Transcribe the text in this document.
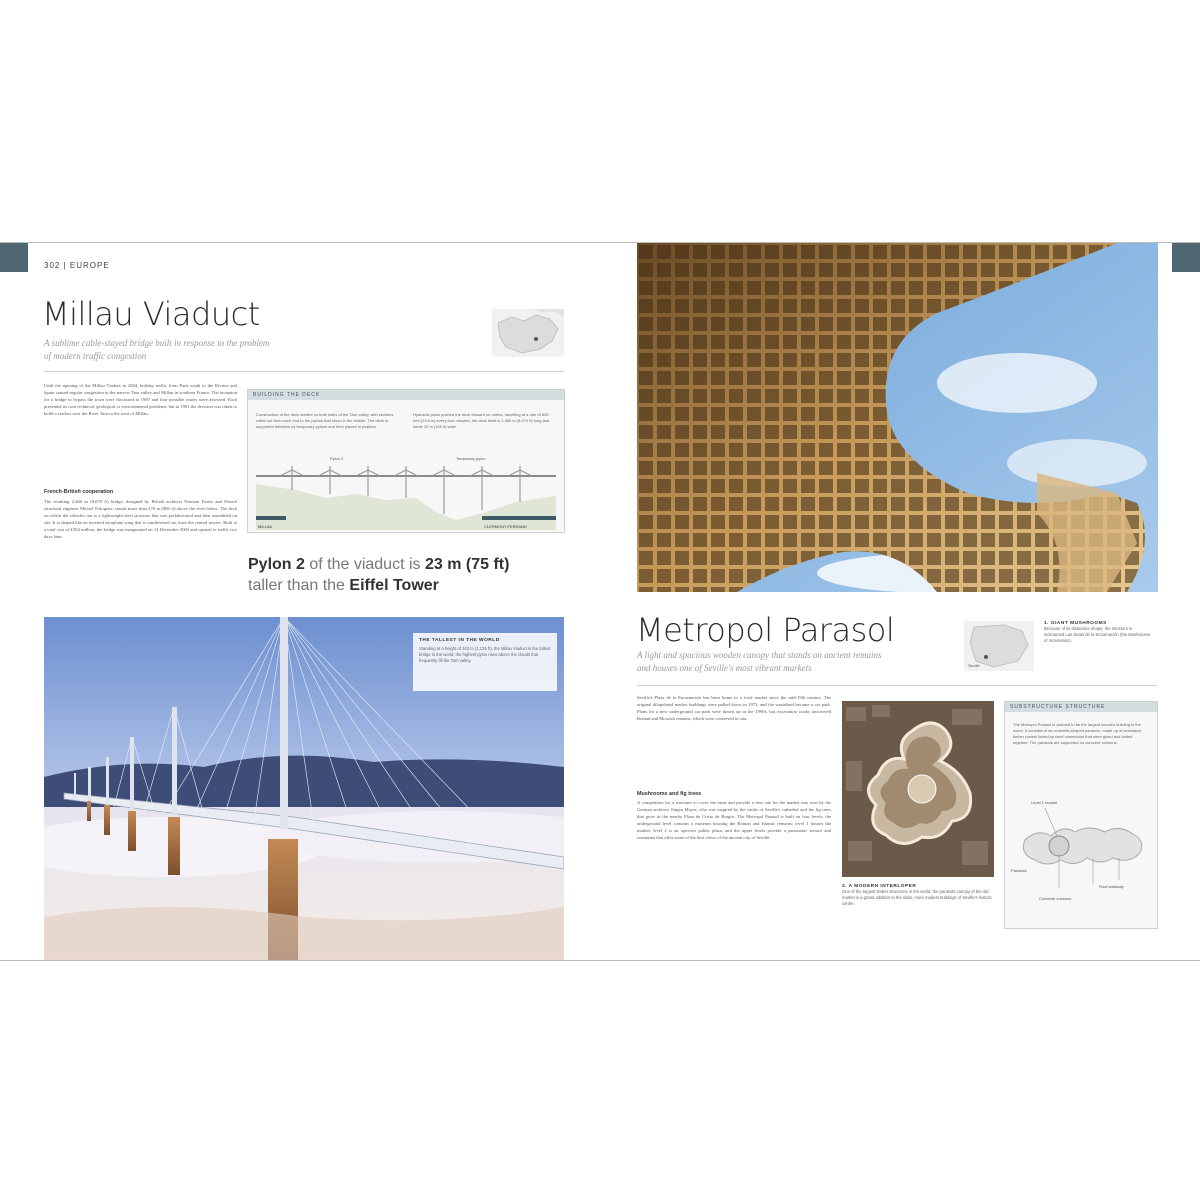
302 | EUROPE
Millau Viaduct
A sublime cable-stayed bridge built in response to the problem
of modern traffic congestion
Until the opening of the Millau Viaduct in 2004, holiday traffic from Paris south to the Riviera and Spain caused regular congestion in the narrow Tarn valley and Millau in southern France. The inception for a bridge to bypass the town were discussed in 1987 and four possible routes were assessed. Each presented its own technical, geological or environmental problems, but in 1991 the decision was taken to build a viaduct over the River Tarn to the west of Millau.
French-British cooperation
The resulting 2,460 m (8,070 ft) bridge, designed by British architect Norman Foster and French structural engineer Michel Virlogeux, stands more than 270 m (886 ft) above the river below. The deck on which the vehicles run is a lightweight steel structure that was prefabricated and then assembled on site. It is shaped like an inverted aeroplane wing that is cantilevered out from the central towers. Built at a total cost of €394 million, the bridge was inaugurated on 14 December 2004 and opened to traffic two days later.
BUILDING THE DECK
Construction of the deck started on both sides of the Tarn valley, with sections rolled out from each end to the pylons that stood in the middle. The deck is supported between by temporary pylons and then placed in position.
Hydraulic jacks pushed the deck forward on rollers, travelling at a rate of 600 mm (23.6 in) every four minutes; the deck itself is 2,460 m (8,070 ft) long and some 32 m (105 ft) wide.
Pylon 2	Temporary pylon
MILLAU	CLERMONT-FERRAND
Pylon 2 of the viaduct is 23 m (75 ft)
taller than the Eiffel Tower
THE TALLEST IN THE WORLD
Standing at a height of 343 m (1,125 ft), the Millau Viaduct is the tallest bridge in the world; the highest pylon rises above the clouds that frequently fill the Tarn valley.
Metropol Parasol
A light and spacious wooden canopy that stands on ancient remains
and houses one of Seville's most vibrant markets	Seville
1. GIANT MUSHROOMS
Because of its distinctive shape, the structure is nicknamed Las Setas de la Encarnación (the Mushrooms of Incarnation).
Seville's Plaza de la Encarnación has been home to a food market since the mid-19th century. The original dilapidated market buildings were pulled down in 1973, and the wasteland became a car park. Plans for a new underground car park were drawn up in the 1990s, but excavation works uncovered Roman and Moorish remains, which were conserved in situ.
Mushrooms and fig trees
A competition for a structure to cover the ruins and provide a new site for the market was won by the German architect Jürgen Mayer, who was inspired by the vaults of Seville's cathedral and the fig trees that grow in the nearby Plaza de Cristo de Burgos. The Metropol Parasol is built on four levels: the underground level contains a museum housing the Roman and Islamic remains; level 1 houses the market; level 2 is an open-air public plaza, and the upper levels provide a panoramic terrace and restaurant that offer some of the best views of the ancient city of Seville.
2. A MODERN INTERLOPER
One of the largest timber structures in the world, the parasols canopy of the old market is a grand addition to the older, more modest buildings of Seville's historic centre.
SUBSTRUCTURE STRUCTURE
The Metropol Parasol is claimed to be the largest wooden building in the world. It consists of six umbrella-shaped parasols, made up of laminated timber panels linked by steel connectors that were glued and bolted together. The parasols are supported on concrete columns.
Level 1 market
Parasols
Roof walkway
Concrete columns
